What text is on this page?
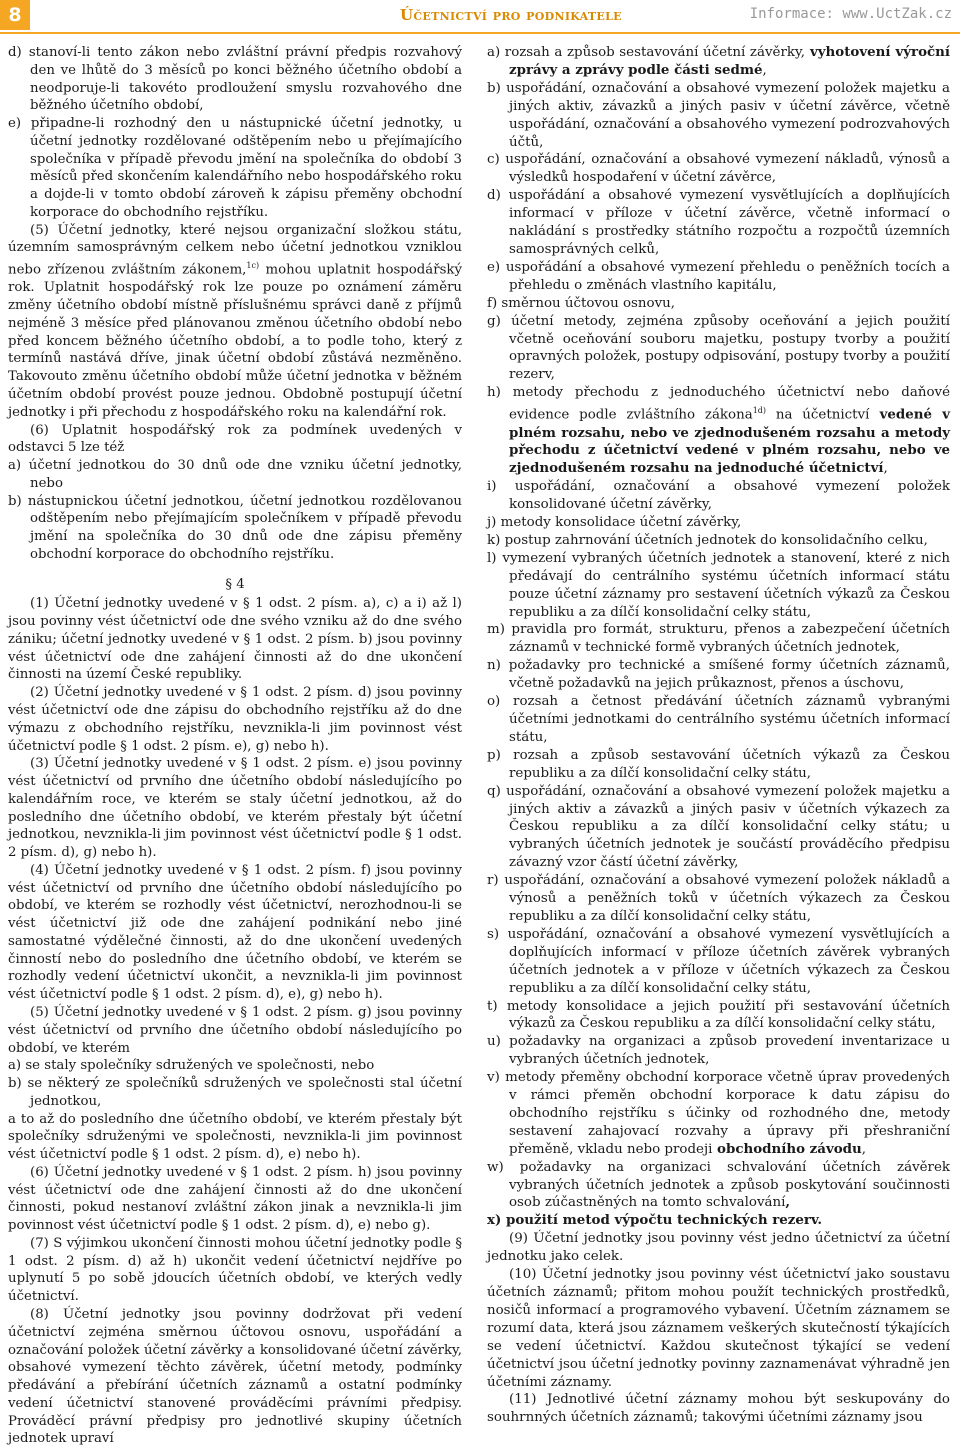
8	Účetnictví pro podnikatele	Informace: www.UctZak.cz

d) stanoví-li tento zákon nebo zvláštní právní předpis rozvahový den ve lhůtě do 3 měsíců po konci běžného účetního období a neodporuje-li takovéto prodloužení smyslu rozvahového dne běžného účetního období,

e) připadne-li rozhodný den u nástupnické účetní jednotky, u účetní jednotky rozdělované odštěpením nebo u přejímajícího společníka v případě převodu jmění na společníka do období 3 měsíců před skončením kalendářního nebo hospodářského roku a dojde-li v tomto období zároveň k zápisu přeměny obchodní korporace do obchodního rejstříku.

(5) Účetní jednotky, které nejsou organizační složkou státu, územním samosprávným celkem nebo účetní jednotkou vzniklou nebo zřízenou zvláštním zákonem,$^{1c)}$ mohou uplatnit hospodářský rok. Uplatnit hospodářský rok lze pouze po oznámení záměru změny účetního období místně příslušnému správci daně z příjmů nejméně 3 měsíce před plánovanou změnou účetního období nebo před koncem běžného účetního období, a to podle toho, který z termínů nastává dříve, jinak účetní období zůstává nezměněno. Takovouto změnu účetního období může účetní jednotka v běžném účetním období provést pouze jednou. Obdobně postupují účetní jednotky i při přechodu z hospodářského roku na kalendářní rok.

(6) Uplatnit hospodářský rok za podmínek uvedených v odstavci 5 lze též

a) účetní jednotkou do 30 dnů ode dne vzniku účetní jednotky, nebo

b) nástupnickou účetní jednotkou, účetní jednotkou rozdělovanou odštěpením nebo přejímajícím společníkem v případě převodu jmění na společníka do 30 dnů ode dne zápisu přeměny obchodní korporace do obchodního rejstříku.

§ 4

(1) Účetní jednotky uvedené v § 1 odst. 2 písm. a), c) a i) až l) jsou povinny vést účetnictví ode dne svého vzniku až do dne svého zániku; účetní jednotky uvedené v § 1 odst. 2 písm. b) jsou povinny vést účetnictví ode dne zahájení činnosti až do dne ukončení činnosti na území České republiky.

(2) Účetní jednotky uvedené v § 1 odst. 2 písm. d) jsou povinny vést účetnictví ode dne zápisu do obchodního rejstříku až do dne výmazu z obchodního rejstříku, nevznikla-li jim povinnost vést účetnictví podle § 1 odst. 2 písm. e), g) nebo h).

(3) Účetní jednotky uvedené v § 1 odst. 2 písm. e) jsou povinny vést účetnictví od prvního dne účetního období následujícího po kalendářním roce, ve kterém se staly účetní jednotkou, až do posledního dne účetního období, ve kterém přestaly být účetní jednotkou, nevznikla-li jim povinnost vést účetnictví podle § 1 odst. 2 písm. d), g) nebo h).

(4) Účetní jednotky uvedené v § 1 odst. 2 písm. f) jsou povinny vést účetnictví od prvního dne účetního období následujícího po období, ve kterém se rozhodly vést účetnictví, nerozhodnou-li se vést účetnictví již ode dne zahájení podnikání nebo jiné samostatné výdělečné činnosti, až do dne ukončení uvedených činností nebo do posledního dne účetního období, ve kterém se rozhodly vedení účetnictví ukončit, a nevznikla-li jim povinnost vést účetnictví podle § 1 odst. 2 písm. d), e), g) nebo h).

(5) Účetní jednotky uvedené v § 1 odst. 2 písm. g) jsou povinny vést účetnictví od prvního dne účetního období následujícího po období, ve kterém

a) se staly společníky sdružených ve společnosti, nebo

b) se některý ze společníků sdružených ve společnosti stal účetní jednotkou,

a to až do posledního dne účetního období, ve kterém přestaly být společníky sdruženými ve společnosti, nevznikla-li jim povinnost vést účetnictví podle § 1 odst. 2 písm. d), e) nebo h).

(6) Účetní jednotky uvedené v § 1 odst. 2 písm. h) jsou povinny vést účetnictví ode dne zahájení činnosti až do dne ukončení činnosti, pokud nestanoví zvláštní zákon jinak a nevznikla-li jim povinnost vést účetnictví podle § 1 odst. 2 písm. d), e) nebo g).

(7) S výjimkou ukončení činnosti mohou účetní jednotky podle § 1 odst. 2 písm. d) až h) ukončit vedení účetnictví nejdříve po uplynutí 5 po sobě jdoucích účetních období, ve kterých vedly účetnictví.

(8) Účetní jednotky jsou povinny dodržovat při vedení účetnictví zejména směrnou účtovou osnovu, uspořádání a označování položek účetní závěrky a konsolidované účetní závěrky, obsahové vymezení těchto závěrek, účetní metody, podmínky předávání a přebírání účetních záznamů a ostatní podmínky vedení účetnictví stanovené prováděcími právními předpisy. Prováděcí právní předpisy pro jednotlivé skupiny účetních jednotek upraví

a) rozsah a způsob sestavování účetní závěrky, vyhotovení výroční zprávy a zprávy podle části sedmé,

b) uspořádání, označování a obsahové vymezení položek majetku a jiných aktiv, závazků a jiných pasiv v účetní závěrce, včetně uspořádání, označování a obsahového vymezení podrozvahových účtů,

c) uspořádání, označování a obsahové vymezení nákladů, výnosů a výsledků hospodaření v účetní závěrce,

d) uspořádání a obsahové vymezení vysvětlujících a doplňujících informací v příloze v účetní závěrce, včetně informací o nakládání s prostředky státního rozpočtu a rozpočtů územních samosprávných celků,

e) uspořádání a obsahové vymezení přehledu o peněžních tocích a přehledu o změnách vlastního kapitálu,

f) směrnou účtovou osnovu,

g) účetní metody, zejména způsoby oceňování a jejich použití včetně oceňování souboru majetku, postupy tvorby a použití opravných položek, postupy odpisování, postupy tvorby a použití rezerv,

h) metody přechodu z jednoduchého účetnictví nebo daňové evidence podle zvláštního zákona$^{1d)}$ na účetnictví vedené v plném rozsahu, nebo ve zjednodušeném rozsahu a metody přechodu z účetnictví vedené v plném rozsahu, nebo ve zjednodušeném rozsahu na jednoduché účetnictví,

i) uspořádání, označování a obsahové vymezení položek konsolidované účetní závěrky,

j) metody konsolidace účetní závěrky,

k) postup zahrnování účetních jednotek do konsolidačního celku,

l) vymezení vybraných účetních jednotek a stanovení, které z nich předávají do centrálního systému účetních informací státu pouze účetní záznamy pro sestavení účetních výkazů za Českou republiku a za dílčí konsolidační celky státu,

m) pravidla pro formát, strukturu, přenos a zabezpečení účetních záznamů v technické formě vybraných účetních jednotek,

n) požadavky pro technické a smíšené formy účetních záznamů, včetně požadavků na jejich průkaznost, přenos a úschovu,

o) rozsah a četnost předávání účetních záznamů vybranými účetními jednotkami do centrálního systému účetních informací státu,

p) rozsah a způsob sestavování účetních výkazů za Českou republiku a za dílčí konsolidační celky státu,

q) uspořádání, označování a obsahové vymezení položek majetku a jiných aktiv a závazků a jiných pasiv v účetních výkazech za Českou republiku a za dílčí konsolidační celky státu; u vybraných účetních jednotek je součástí prováděcího předpisu závazný vzor částí účetní závěrky,

r) uspořádání, označování a obsahové vymezení položek nákladů a výnosů a peněžních toků v účetních výkazech za Českou republiku a za dílčí konsolidační celky státu,

s) uspořádání, označování a obsahové vymezení vysvětlujících a doplňujících informací v příloze účetních závěrek vybraných účetních jednotek a v příloze v účetních výkazech za Českou republiku a za dílčí konsolidační celky státu,

t) metody konsolidace a jejich použití při sestavování účetních výkazů za Českou republiku a za dílčí konsolidační celky státu,

u) požadavky na organizaci a způsob provedení inventarizace u vybraných účetních jednotek,

v) metody přeměny obchodní korporace včetně úprav provedených v rámci přeměn obchodní korporace k datu zápisu do obchodního rejstříku s účinky od rozhodného dne, metody sestavení zahajovací rozvahy a úpravy při přeshraniční přeměně, vkladu nebo prodeji obchodního závodu,

w) požadavky na organizaci schvalování účetních závěrek vybraných účetních jednotek a způsob poskytování součinnosti osob zúčastněných na tomto schvalování,

x) použití metod výpočtu technických rezerv.

(9) Účetní jednotky jsou povinny vést jedno účetnictví za účetní jednotku jako celek.

(10) Účetní jednotky jsou povinny vést účetnictví jako soustavu účetních záznamů; přitom mohou použít technických prostředků, nosičů informací a programového vybavení. Účetním záznamem se rozumí data, která jsou záznamem veškerých skutečností týkajících se vedení účetnictví. Každou skutečnost týkající se vedení účetnictví jsou účetní jednotky povinny zaznamenávat výhradně jen účetními záznamy.

(11) Jednotlivé účetní záznamy mohou být seskupovány do souhrnných účetních záznamů; takovými účetními záznamy jsou
